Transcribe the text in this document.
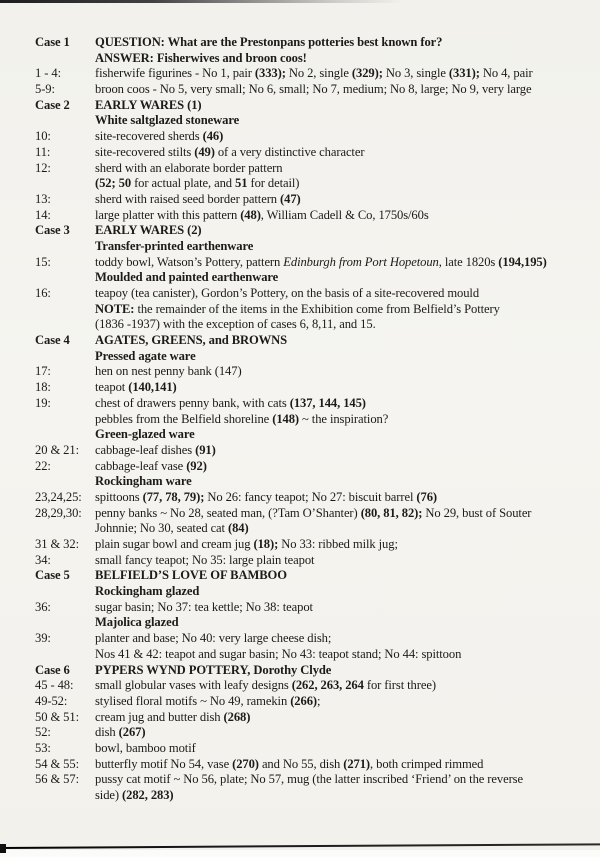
Case 1	QUESTION: What are the Prestonpans potteries best known for?
ANSWER: Fisherwives and broon coos!
1 - 4:	fisherwife figurines - No 1, pair (333); No 2, single (329); No 3, single (331); No 4, pair
5-9:	broon coos - No 5, very small; No 6, small; No 7, medium; No 8, large; No 9, very large
Case 2	EARLY WARES (1)
White saltglazed stoneware
10:	site-recovered sherds (46)
11:	site-recovered stilts (49) of a very distinctive character
12:	sherd with an elaborate border pattern
(52; 50 for actual plate, and 51 for detail)
13:	sherd with raised seed border pattern (47)
14:	large platter with this pattern (48), William Cadell & Co, 1750s/60s
Case 3	EARLY WARES (2)
Transfer-printed earthenware
15:	toddy bowl, Watson’s Pottery, pattern Edinburgh from Port Hopetoun, late 1820s (194,195)
Moulded and painted earthenware
16:	teapoy (tea canister), Gordon’s Pottery, on the basis of a site-recovered mould
NOTE: the remainder of the items in the Exhibition come from Belfield’s Pottery
(1836 -1937) with the exception of cases 6, 8,11, and 15.
Case 4	AGATES, GREENS, and BROWNS
Pressed agate ware
17:	hen on nest penny bank (147)
18:	teapot (140,141)
19:	chest of drawers penny bank, with cats (137, 144, 145)
pebbles from the Belfield shoreline (148) ~ the inspiration?
Green-glazed ware
20 & 21:	cabbage-leaf dishes (91)
22:	cabbage-leaf vase (92)
Rockingham ware
23,24,25:	spittoons (77, 78, 79); No 26: fancy teapot; No 27: biscuit barrel (76)
28,29,30:	penny banks ~ No 28, seated man, (?Tam O’Shanter) (80, 81, 82); No 29, bust of Souter
Johnnie; No 30, seated cat (84)
31 & 32:	plain sugar bowl and cream jug (18); No 33: ribbed milk jug;
34:	small fancy teapot; No 35: large plain teapot
Case 5	BELFIELD’S LOVE OF BAMBOO
Rockingham glazed
36:	sugar basin; No 37: tea kettle; No 38: teapot
Majolica glazed
39:	planter and base; No 40: very large cheese dish;
Nos 41 & 42: teapot and sugar basin; No 43: teapot stand; No 44: spittoon
Case 6	PYPERS WYND POTTERY, Dorothy Clyde
45 - 48:	small globular vases with leafy designs (262, 263, 264 for first three)
49-52:	stylised floral motifs ~ No 49, ramekin (266);
50 & 51:	cream jug and butter dish (268)
52:	dish (267)
53:	bowl, bamboo motif
54 & 55:	butterfly motif No 54, vase (270) and No 55, dish (271), both crimped rimmed
56 & 57:	pussy cat motif ~ No 56, plate; No 57, mug (the latter inscribed ‘Friend’ on the reverse
side) (282, 283)
